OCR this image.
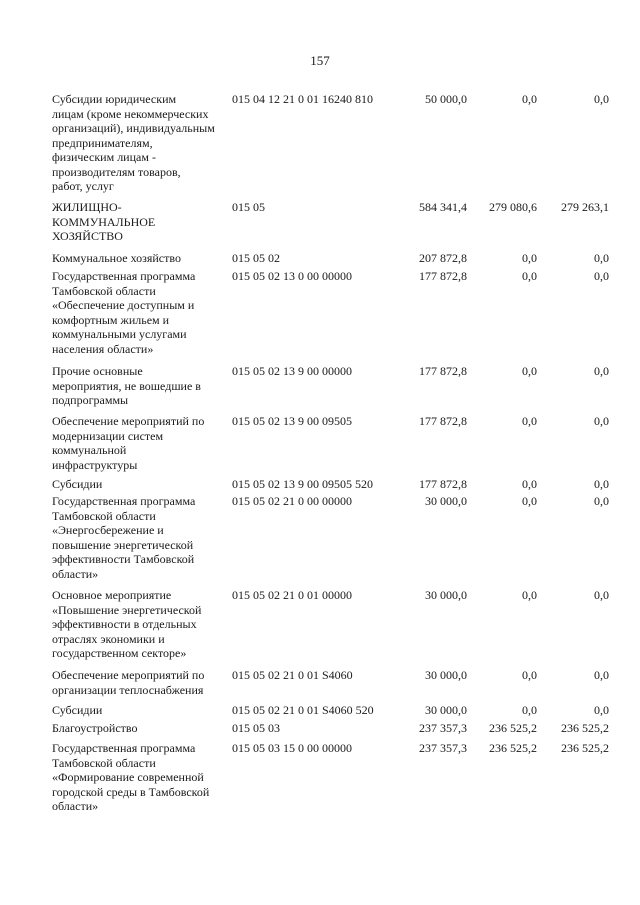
157
Субсидии юридическим
лицам (кроме некоммерческих
организаций), индивидуальным
предпринимателям,
физическим лицам -
производителям товаров,
работ, услуг
015 04 12 21 0 01 16240 810	50 000,0	0,0	0,0
ЖИЛИЩНО-
КОММУНАЛЬНОЕ
ХОЗЯЙСТВО
015 05	584 341,4	279 080,6	279 263,1
Коммунальное хозяйство	015 05 02	207 872,8	0,0	0,0
Государственная программа
Тамбовской области
«Обеспечение доступным и
комфортным жильем и
коммунальными услугами
населения области»
015 05 02 13 0 00 00000	177 872,8	0,0	0,0
Прочие основные
мероприятия, не вошедшие в
подпрограммы
015 05 02 13 9 00 00000	177 872,8	0,0	0,0
Обеспечение мероприятий по
модернизации систем
коммунальной
инфраструктуры
015 05 02 13 9 00 09505	177 872,8	0,0	0,0
Субсидии	015 05 02 13 9 00 09505 520	177 872,8	0,0	0,0
Государственная программа
Тамбовской области
«Энергосбережение и
повышение энергетической
эффективности Тамбовской
области»
015 05 02 21 0 00 00000	30 000,0	0,0	0,0
Основное мероприятие
«Повышение энергетической
эффективности в отдельных
отраслях экономики и
государственном секторе»
015 05 02 21 0 01 00000	30 000,0	0,0	0,0
Обеспечение мероприятий по
организации теплоснабжения
015 05 02 21 0 01 S4060	30 000,0	0,0	0,0
Субсидии	015 05 02 21 0 01 S4060 520	30 000,0	0,0	0,0
Благоустройство	015 05 03	237 357,3	236 525,2	236 525,2
Государственная программа
Тамбовской области
«Формирование современной
городской среды в Тамбовской
области»
015 05 03 15 0 00 00000	237 357,3	236 525,2	236 525,2
